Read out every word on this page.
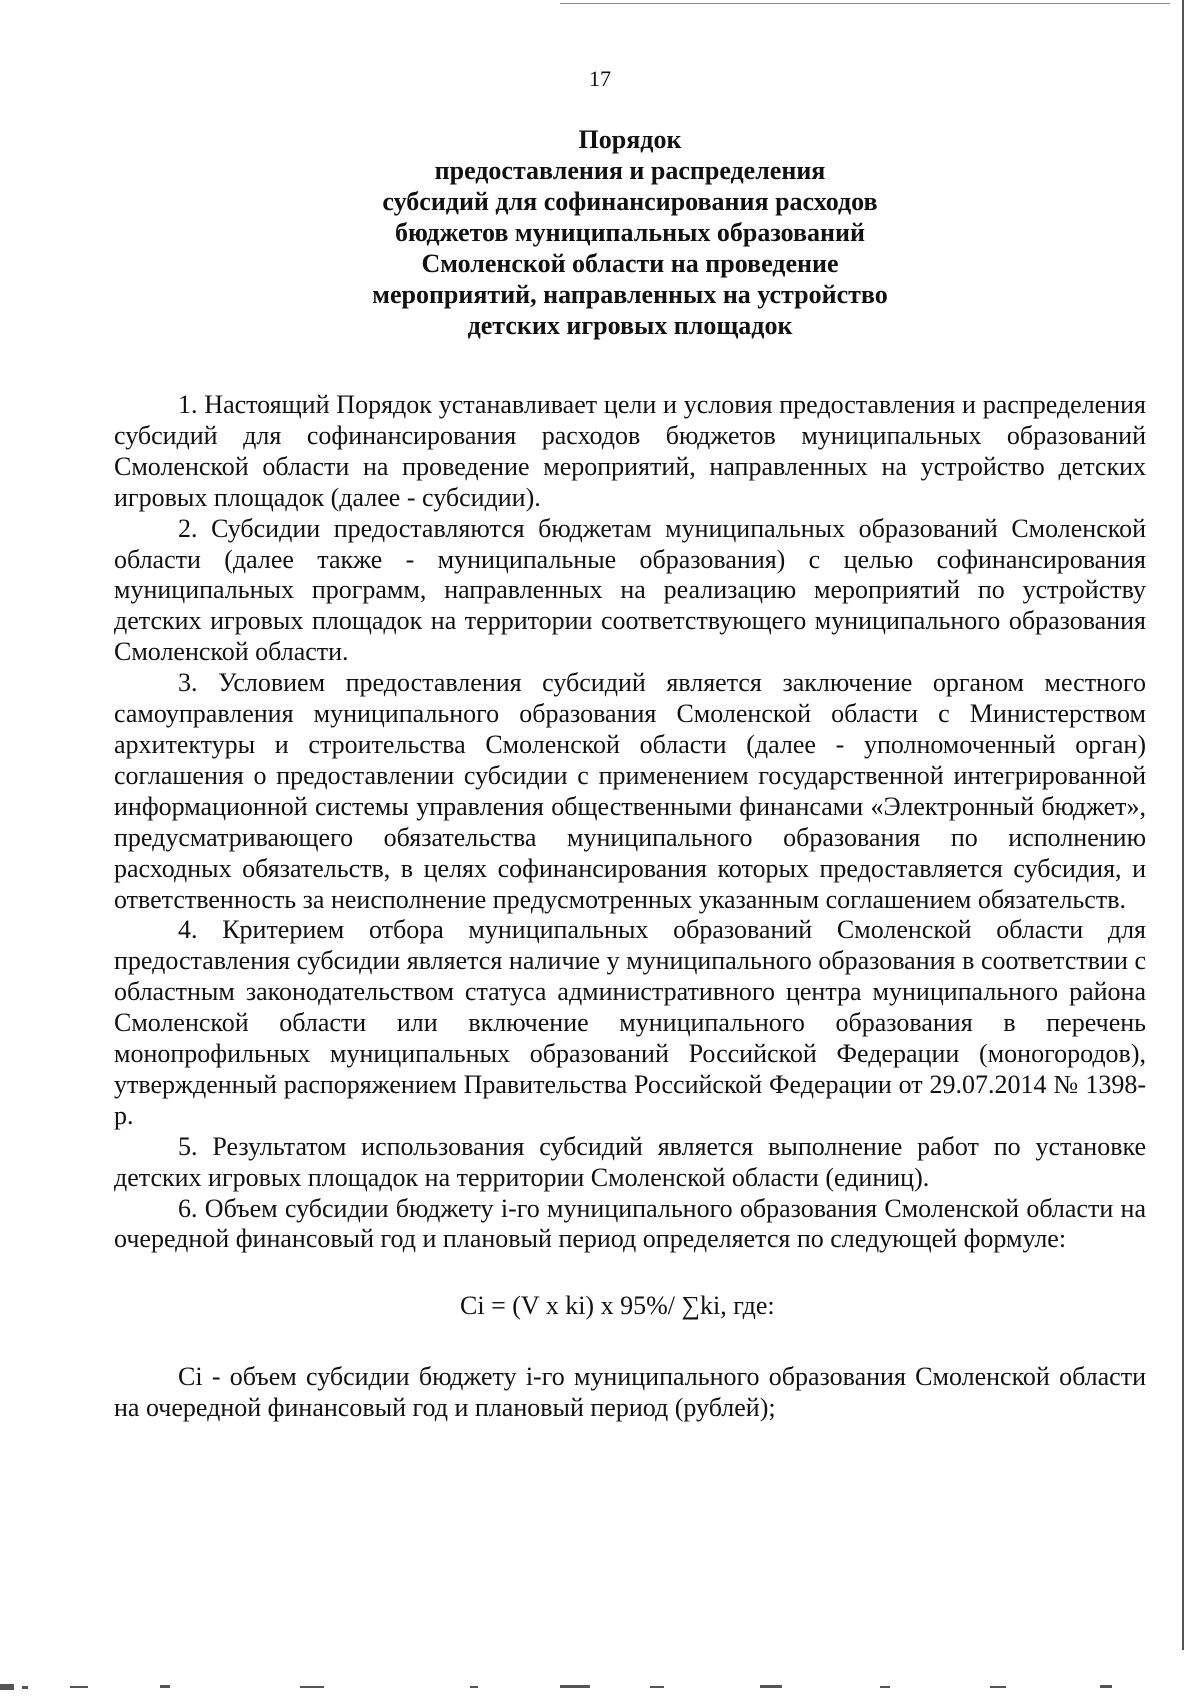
17
Порядок
предоставления и распределения
субсидий для софинансирования расходов
бюджетов муниципальных образований
Смоленской области на проведение
мероприятий, направленных на устройство
детских игровых площадок

1. Настоящий Порядок устанавливает цели и условия предоставления и распределения субсидий для софинансирования расходов бюджетов муниципальных образований Смоленской области на проведение мероприятий, направленных на устройство детских игровых площадок (далее - субсидии).

2. Субсидии предоставляются бюджетам муниципальных образований Смоленской области (далее также - муниципальные образования) с целью софинансирования муниципальных программ, направленных на реализацию мероприятий по устройству детских игровых площадок на территории соответствующего муниципального образования Смоленской области.

3. Условием предоставления субсидий является заключение органом местного самоуправления муниципального образования Смоленской области с Министерством архитектуры и строительства Смоленской области (далее - уполномоченный орган) соглашения о предоставлении субсидии с применением государственной интегрированной информационной системы управления общественными финансами «Электронный бюджет», предусматривающего обязательства муниципального образования по исполнению расходных обязательств, в целях софинансирования которых предоставляется субсидия, и ответственность за неисполнение предусмотренных указанным соглашением обязательств.

4. Критерием отбора муниципальных образований Смоленской области для предоставления субсидии является наличие у муниципального образования в соответствии с областным законодательством статуса административного центра муниципального района Смоленской области или включение муниципального образования в перечень монопрофильных муниципальных образований Российской Федерации (моногородов), утвержденный распоряжением Правительства Российской Федерации от 29.07.2014 № 1398-р.

5. Результатом использования субсидий является выполнение работ по установке детских игровых площадок на территории Смоленской области (единиц).

6. Объем субсидии бюджету i-го муниципального образования Смоленской области на очередной финансовый год и плановый период определяется по следующей формуле:

Ci = (V x ki) x 95%/ ∑ki, где:

Ci - объем субсидии бюджету i-го муниципального образования Смоленской области на очередной финансовый год и плановый период (рублей);
